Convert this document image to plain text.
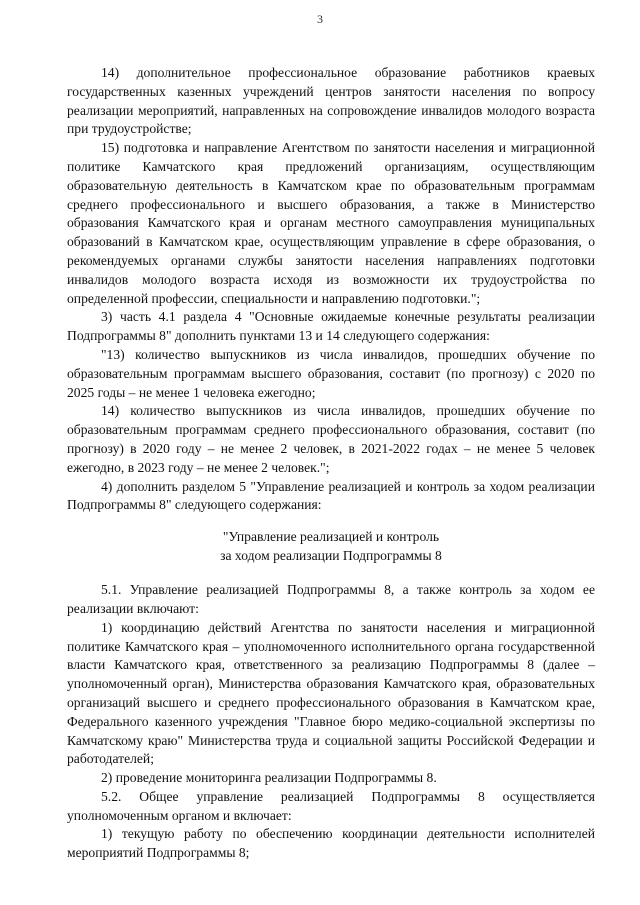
3

14) дополнительное профессиональное образование работников краевых государственных казенных учреждений центров занятости населения по вопросу реализации мероприятий, направленных на сопровождение инвалидов молодого возраста при трудоустройстве;

15) подготовка и направление Агентством по занятости населения и миграционной политике Камчатского края предложений организациям, осуществляющим образовательную деятельность в Камчатском крае по образовательным программам среднего профессионального и высшего образования, а также в Министерство образования Камчатского края и органам местного самоуправления муниципальных образований в Камчатском крае, осуществляющим управление в сфере образования, о рекомендуемых органами службы занятости населения направлениях подготовки инвалидов молодого возраста исходя из возможности их трудоустройства по определенной профессии, специальности и направлению подготовки.";

3) часть 4.1 раздела 4 "Основные ожидаемые конечные результаты реализации Подпрограммы 8" дополнить пунктами 13 и 14 следующего содержания:

"13) количество выпускников из числа инвалидов, прошедших обучение по образовательным программам высшего образования, составит (по прогнозу) с 2020 по 2025 годы – не менее 1 человека ежегодно;

14) количество выпускников из числа инвалидов, прошедших обучение по образовательным программам среднего профессионального образования, составит (по прогнозу) в 2020 году – не менее 2 человек, в 2021-2022 годах – не менее 5 человек ежегодно, в 2023 году – не менее 2 человек.";

4) дополнить разделом 5 "Управление реализацией и контроль за ходом реализации Подпрограммы 8" следующего содержания:

"Управление реализацией и контроль
за ходом реализации Подпрограммы 8

5.1. Управление реализацией Подпрограммы 8, а также контроль за ходом ее реализации включают:

1) координацию действий Агентства по занятости населения и миграционной политике Камчатского края – уполномоченного исполнительного органа государственной власти Камчатского края, ответственного за реализацию Подпрограммы 8 (далее – уполномоченный орган), Министерства образования Камчатского края, образовательных организаций высшего и среднего профессионального образования в Камчатском крае, Федерального казенного учреждения "Главное бюро медико-социальной экспертизы по Камчатскому краю" Министерства труда и социальной защиты Российской Федерации и работодателей;

2) проведение мониторинга реализации Подпрограммы 8.

5.2. Общее управление реализацией Подпрограммы 8 осуществляется уполномоченным органом и включает:

1) текущую работу по обеспечению координации деятельности исполнителей мероприятий Подпрограммы 8;
